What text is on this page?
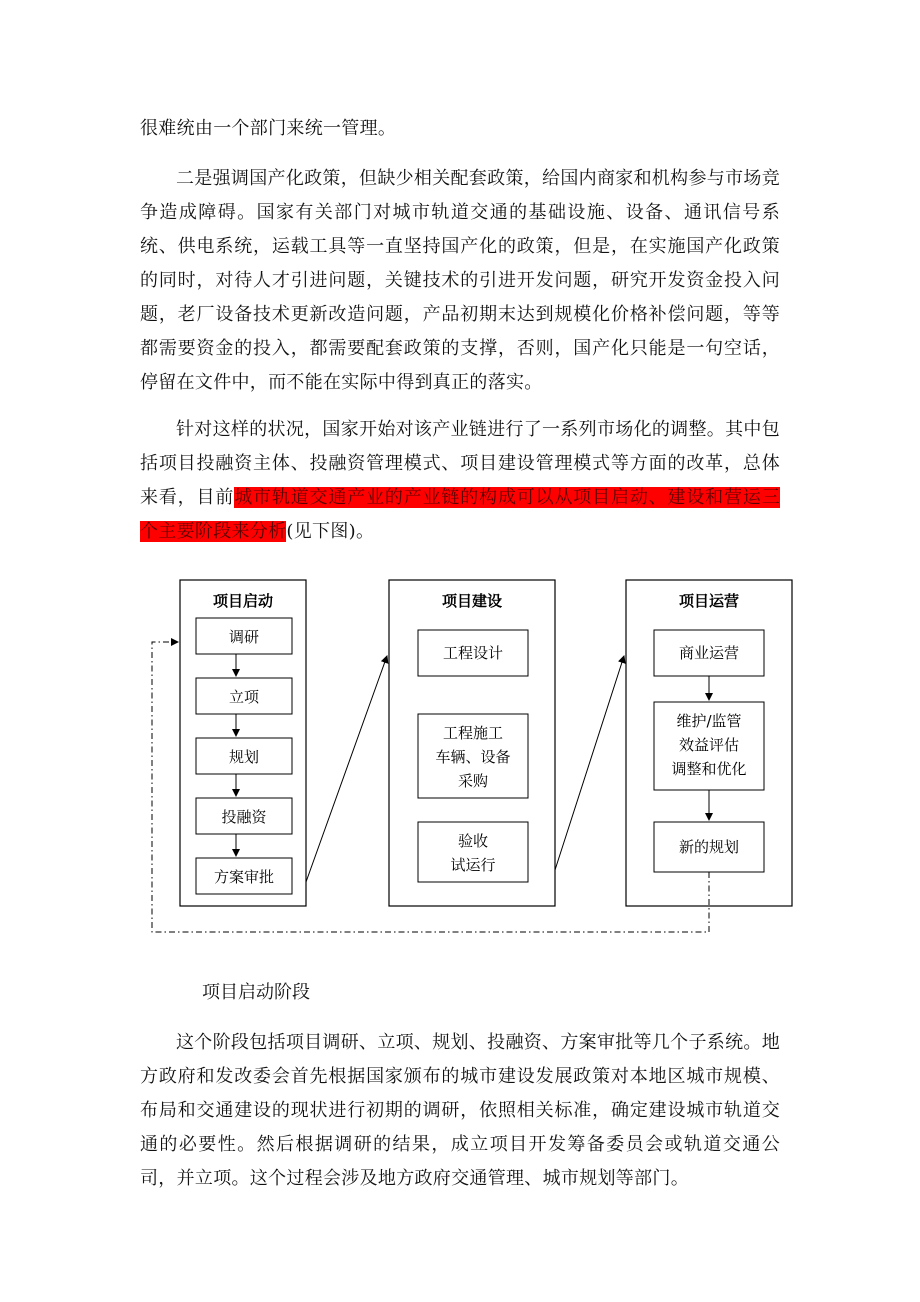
很难统由一个部门来统一管理。

二是强调国产化政策，但缺少相关配套政策，给国内商家和机构参与市场竞争造成障碍。国家有关部门对城市轨道交通的基础设施、设备、通讯信号系统、供电系统，运载工具等一直坚持国产化的政策，但是，在实施国产化政策的同时，对待人才引进问题，关键技术的引进开发问题，研究开发资金投入问题，老厂设备技术更新改造问题，产品初期末达到规模化价格补偿问题，等等都需要资金的投入，都需要配套政策的支撑，否则，国产化只能是一句空话，停留在文件中，而不能在实际中得到真正的落实。

针对这样的状况，国家开始对该产业链进行了一系列市场化的调整。其中包括项目投融资主体、投融资管理模式、项目建设管理模式等方面的改革，总体来看，目前城市轨道交通产业的产业链的构成可以从项目启动、建设和营运三个主要阶段来分析(见下图)。

项目启动
调研
立项
规划
投融资
方案审批
项目建设
工程设计
工程施工
车辆、设备
采购
验收
试运行
项目运营
商业运营
维护/监管
效益评估
调整和优化
新的规划
项目启动阶段

这个阶段包括项目调研、立项、规划、投融资、方案审批等几个子系统。地方政府和发改委会首先根据国家颁布的城市建设发展政策对本地区城市规模、布局和交通建设的现状进行初期的调研，依照相关标准，确定建设城市轨道交通的必要性。然后根据调研的结果，成立项目开发筹备委员会或轨道交通公司，并立项。这个过程会涉及地方政府交通管理、城市规划等部门。
